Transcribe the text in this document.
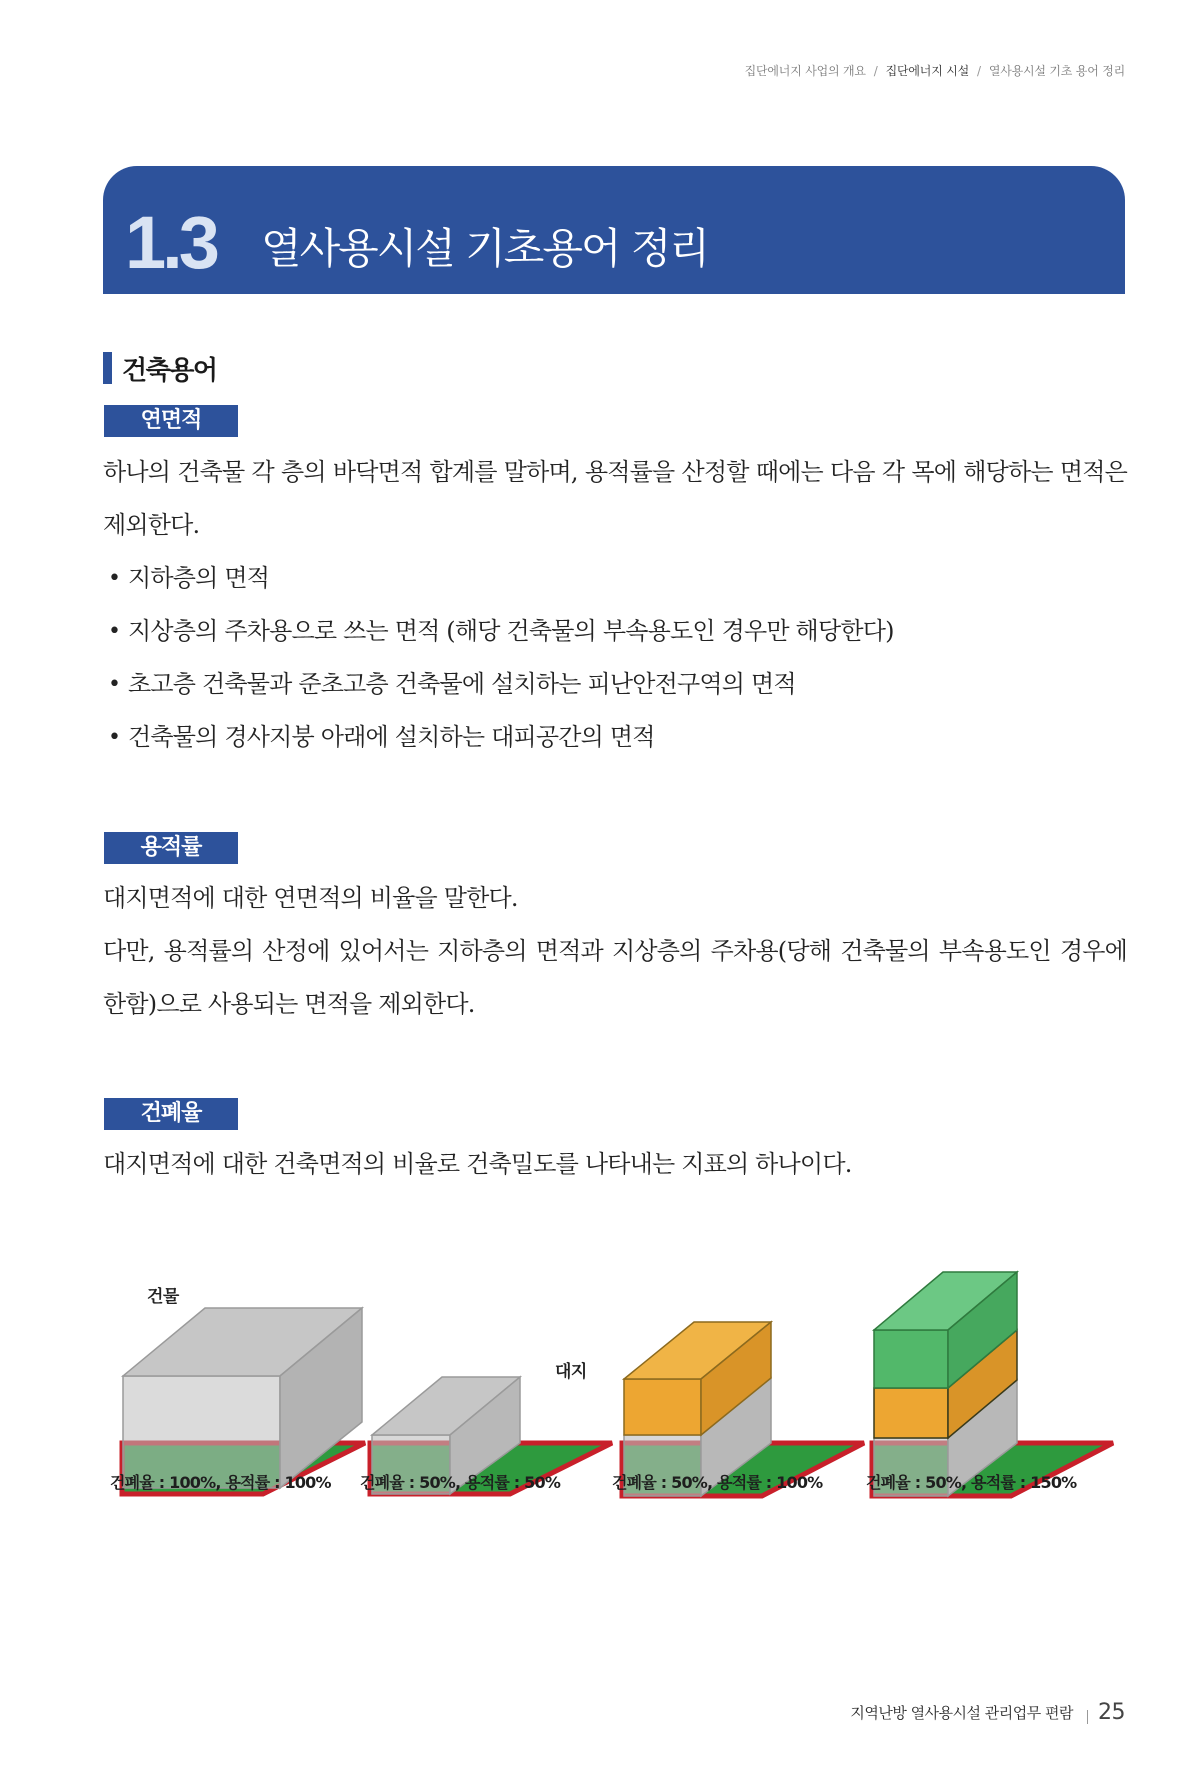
집단에너지 사업의 개요 / 집단에너지 시설 / 열사용시설 기초 용어 정리
1.3 열사용시설 기초용어 정리
건축용어
연면적

하나의 건축물 각 층의 바닥면적 합계를 말하며, 용적률을 산정할 때에는 다음 각 목에 해당하는 면적은 제외한다.

• 지하층의 면적
• 지상층의 주차용으로 쓰는 면적 (해당 건축물의 부속용도인 경우만 해당한다)
• 초고층 건축물과 준초고층 건축물에 설치하는 피난안전구역의 면적
• 건축물의 경사지붕 아래에 설치하는 대피공간의 면적
용적률

대지면적에 대한 연면적의 비율을 말한다.

다만, 용적률의 산정에 있어서는 지하층의 면적과 지상층의 주차용(당해 건축물의 부속용도인 경우에 한함)으로 사용되는 면적을 제외한다.

건폐율

대지면적에 대한 건축면적의 비율로 건축밀도를 나타내는 지표의 하나이다.

건물
대지
건폐율 : 100%, 용적률 : 100% 건폐율 : 50%, 용적률 : 50%	건폐율 : 50%, 용적률 : 100%	건폐율 : 50%, 용적률 : 150%
지역난방 열사용시설 관리업무 편람 25
